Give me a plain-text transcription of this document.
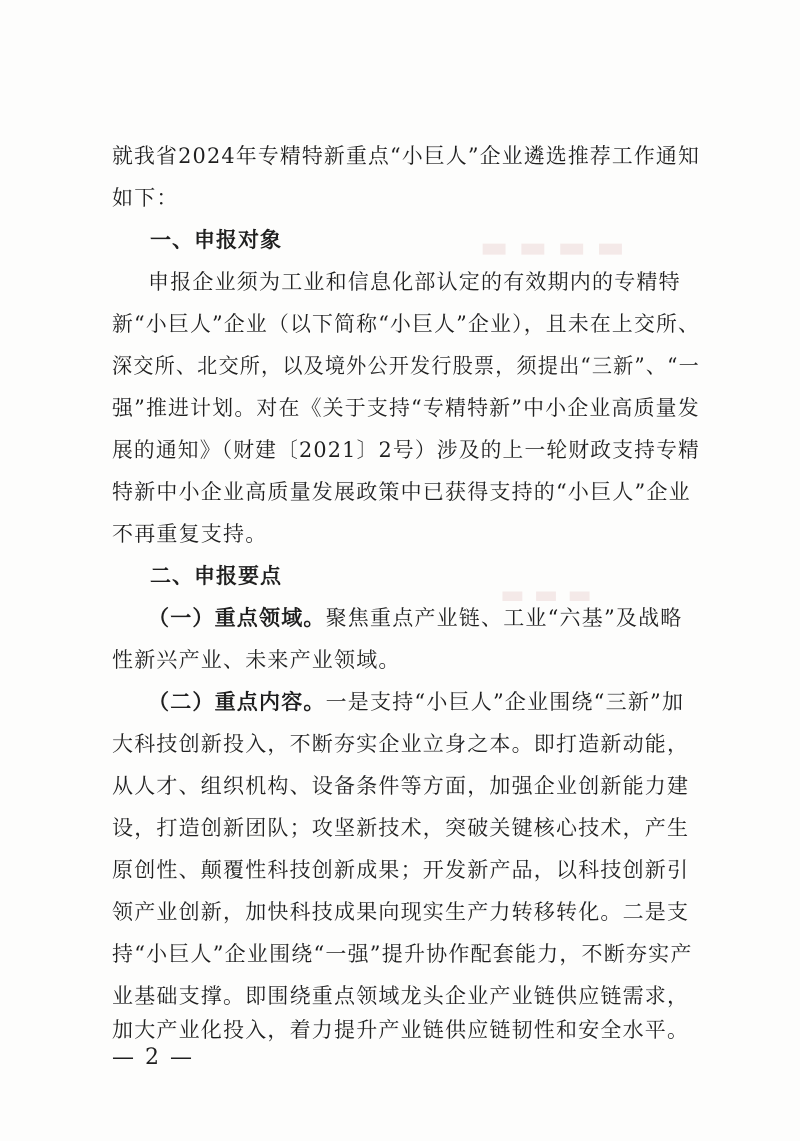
▬ ▬ ▬ ▬
▬ ▬ ▬
就我省2024年专精特新重点“小巨人”企业遴选推荐工作通知
如下：
一、申报对象
申报企业须为工业和信息化部认定的有效期内的专精特
新“小巨人”企业（以下简称“小巨人”企业），且未在上交所、
深交所、北交所，以及境外公开发行股票，须提出“三新”、“一
强”推进计划。对在《关于支持“专精特新”中小企业高质量发
展的通知》（财建〔2021〕2号）涉及的上一轮财政支持专精
特新中小企业高质量发展政策中已获得支持的“小巨人”企业
不再重复支持。
二、申报要点
（一）重点领域。聚焦重点产业链、工业“六基”及战略
性新兴产业、未来产业领域。
（二）重点内容。一是支持“小巨人”企业围绕“三新”加
大科技创新投入，不断夯实企业立身之本。即打造新动能，
从人才、组织机构、设备条件等方面，加强企业创新能力建
设，打造创新团队；攻坚新技术，突破关键核心技术，产生
原创性、颠覆性科技创新成果；开发新产品，以科技创新引
领产业创新，加快科技成果向现实生产力转移转化。二是支
持“小巨人”企业围绕“一强”提升协作配套能力，不断夯实产
业基础支撑。即围绕重点领域龙头企业产业链供应链需求，
加大产业化投入，着力提升产业链供应链韧性和安全水平。
— 2 —
